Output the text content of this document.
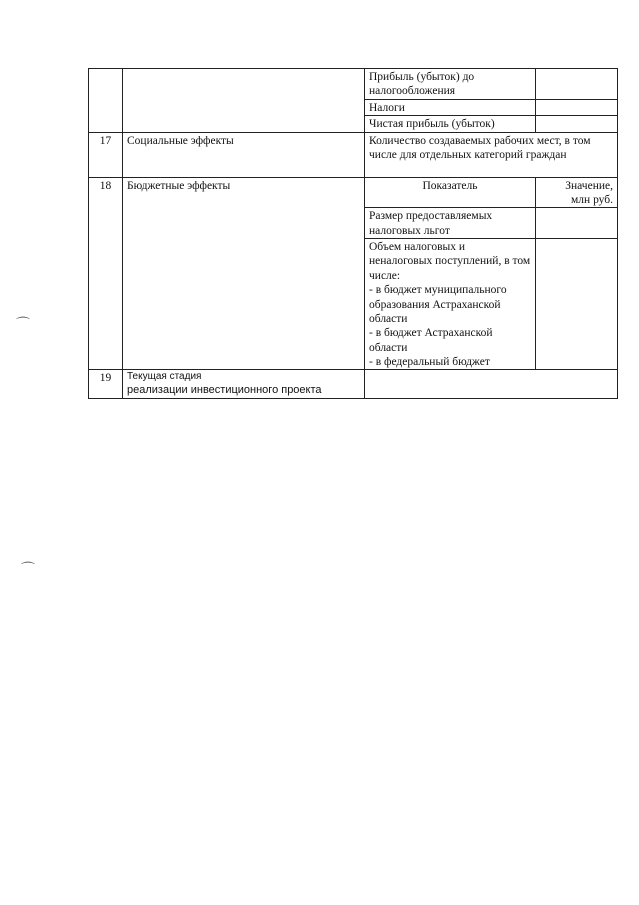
⌒
⌒
		Прибыль (убыток) до налогообложения	
		Налоги	
		Чистая прибыль (убыток)	
17	Социальные эффекты	Количество создаваемых рабочих мест, в том числе для отдельных категорий граждан	
18	Бюджетные эффекты	Показатель	Значение,
млн руб.
		Размер предоставляемых налоговых льгот	
		Объем налоговых и неналоговых поступлений, в том числе:
- в бюджет муниципального образования Астраханской области
- в бюджет Астраханской области
- в федеральный бюджет	
19	Текущая стадия
реализации инвестиционного проекта		
